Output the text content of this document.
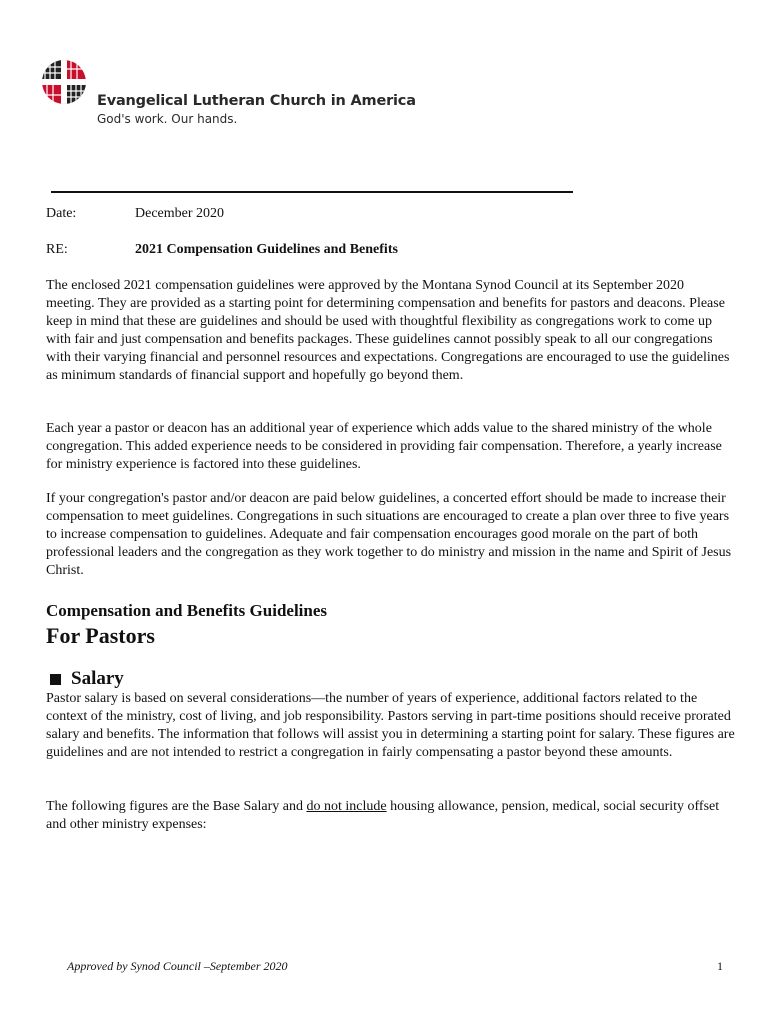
Evangelical Lutheran Church in America
God's work. Our hands.
Date:	December 2020
RE:	2021 Compensation Guidelines and Benefits

The enclosed 2021 compensation guidelines were approved by the Montana Synod Council at its September 2020 meeting. They are provided as a starting point for determining compensation and benefits for pastors and deacons. Please keep in mind that these are guidelines and should be used with thoughtful flexibility as congregations work to come up with fair and just compensation and benefits packages. These guidelines cannot possibly speak to all our congregations with their varying financial and personnel resources and expectations. Congregations are encouraged to use the guidelines as minimum standards of financial support and hopefully go beyond them.

Each year a pastor or deacon has an additional year of experience which adds value to the shared ministry of the whole congregation. This added experience needs to be considered in providing fair compensation. Therefore, a yearly increase for ministry experience is factored into these guidelines.

If your congregation's pastor and/or deacon are paid below guidelines, a concerted effort should be made to increase their compensation to meet guidelines. Congregations in such situations are encouraged to create a plan over three to five years to increase compensation to guidelines. Adequate and fair compensation encourages good morale on the part of both professional leaders and the congregation as they work together to do ministry and mission in the name and Spirit of Jesus Christ.

Compensation and Benefits Guidelines
For Pastors
Salary

Pastor salary is based on several considerations—the number of years of experience, additional factors related to the context of the ministry, cost of living, and job responsibility. Pastors serving in part-time positions should receive prorated salary and benefits. The information that follows will assist you in determining a starting point for salary. These figures are guidelines and are not intended to restrict a congregation in fairly compensating a pastor beyond these amounts.

The following figures are the Base Salary and do not include housing allowance, pension, medical, social security offset and other ministry expenses:

Approved by Synod Council –September 2020	1
